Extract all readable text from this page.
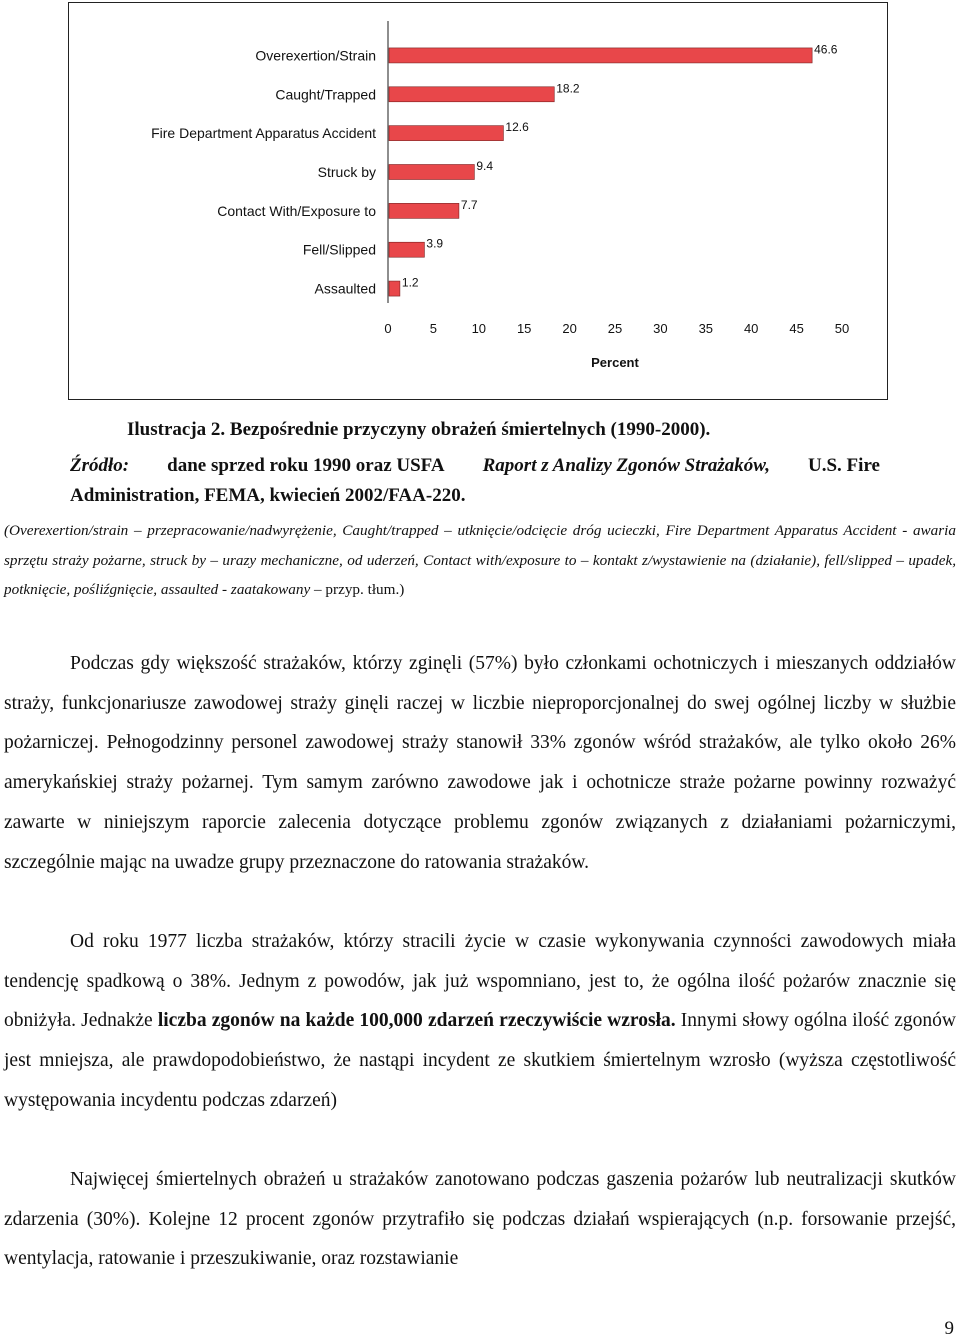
Overexertion/Strain	46.6
Caught/Trapped	18.2
Fire Department Apparatus Accident	12.6
Struck by	9.4
Contact With/Exposure to	7.7
Fell/Slipped	3.9
Assaulted 1.2
0	5	10 15 20 25 30 35 40 45 50
Percent
Ilustracja 2. Bezpośrednie przyczyny obrażeń śmiertelnych (1990-2000).
Źródło: dane sprzed roku 1990 oraz USFA Raport z Analizy Zgonów Strażaków, U.S. Fire
Administration, FEMA, kwiecień 2002/FAA-220.
(Overexertion/strain – przepracowanie/nadwyrężenie, Caught/trapped – utknięcie/odcięcie dróg ucieczki, Fire Department Apparatus Accident - awaria sprzętu straży pożarne, struck by – urazy mechaniczne, od uderzeń, Contact with/exposure to – kontakt z/wystawienie na (działanie), fell/slipped – upadek, potknięcie, pośliźgnięcie, assaulted - zaatakowany – przyp. tłum.)
Podczas gdy większość strażaków, którzy zginęli (57%) było członkami ochotniczych i mieszanych oddziałów straży, funkcjonariusze zawodowej straży ginęli raczej w liczbie nieproporcjonalnej do swej ogólnej liczby w służbie pożarniczej. Pełnogodzinny personel zawodowej straży stanowił 33% zgonów wśród strażaków, ale tylko około 26% amerykańskiej straży pożarnej. Tym samym zarówno zawodowe jak i ochotnicze straże pożarne powinny rozważyć zawarte w niniejszym raporcie zalecenia dotyczące problemu zgonów związanych z działaniami pożarniczymi, szczególnie mając na uwadze grupy przeznaczone do ratowania strażaków.
Od roku 1977 liczba strażaków, którzy stracili życie w czasie wykonywania czynności zawodowych miała tendencję spadkową o 38%. Jednym z powodów, jak już wspomniano, jest to, że ogólna ilość pożarów znacznie się obniżyła. Jednakże liczba zgonów na każde 100,000 zdarzeń rzeczywiście wzrosła. Innymi słowy ogólna ilość zgonów jest mniejsza, ale prawdopodobieństwo, że nastąpi incydent ze skutkiem śmiertelnym wzrosło (wyższa częstotliwość występowania incydentu podczas zdarzeń)
Najwięcej śmiertelnych obrażeń u strażaków zanotowano podczas gaszenia pożarów lub neutralizacji skutków zdarzenia (30%). Kolejne 12 procent zgonów przytrafiło się podczas działań wspierających (n.p. forsowanie przejść, wentylacja, ratowanie i przeszukiwanie, oraz rozstawianie
9
